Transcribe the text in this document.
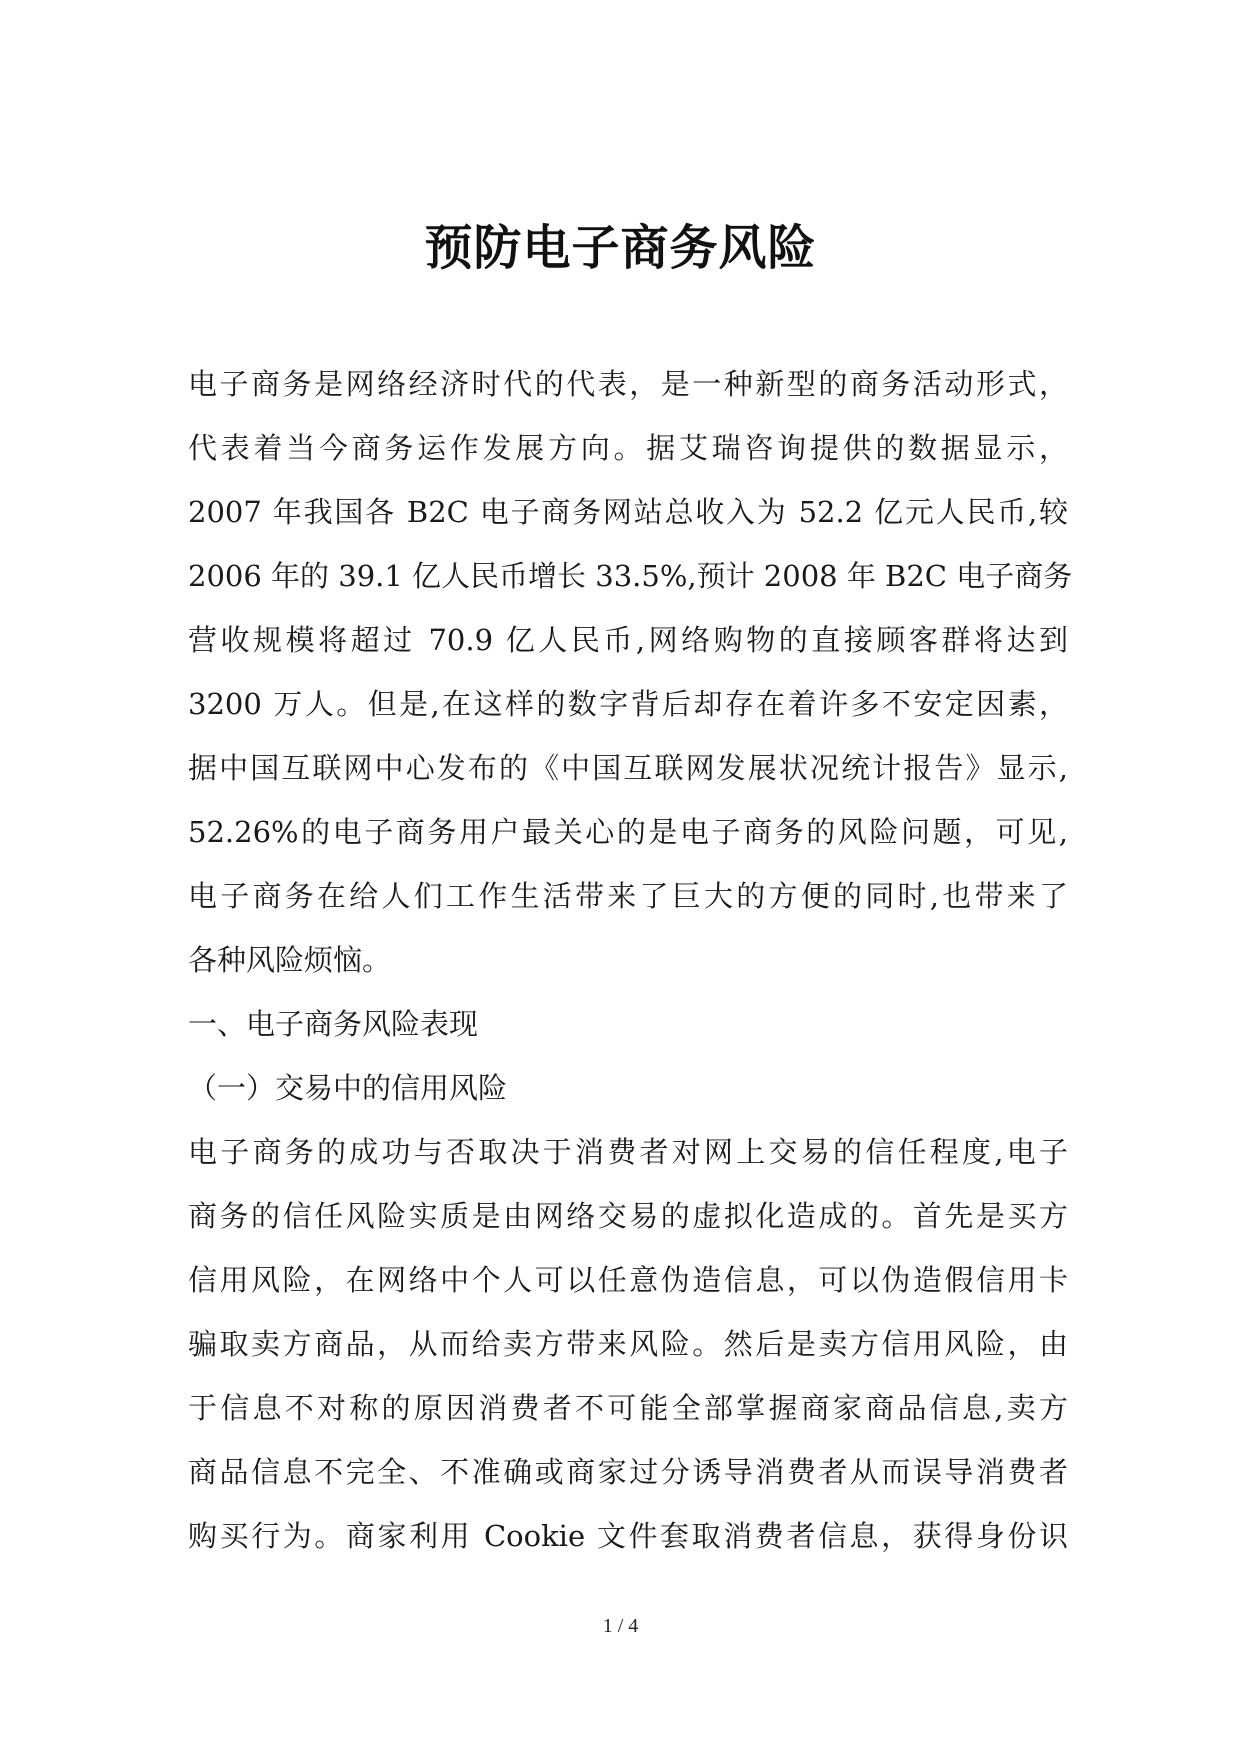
预防电子商务风险
电子商务是网络经济时代的代表，是一种新型的商务活动形式，
代表着当今商务运作发展方向。据艾瑞咨询提供的数据显示，
2007 年我国各 B2C 电子商务网站总收入为 52.2 亿元人民币,较
2006 年的 39.1 亿人民币增长 33.5%,预计 2008 年 B2C 电子商务
营收规模将超过 70.9 亿人民币,网络购物的直接顾客群将达到
3200 万人。但是,在这样的数字背后却存在着许多不安定因素，
据中国互联网中心发布的《中国互联网发展状况统计报告》显示,
52.26%的电子商务用户最关心的是电子商务的风险问题，可见,
电子商务在给人们工作生活带来了巨大的方便的同时,也带来了
各种风险烦恼。
一、电子商务风险表现
（一）交易中的信用风险
电子商务的成功与否取决于消费者对网上交易的信任程度,电子
商务的信任风险实质是由网络交易的虚拟化造成的。首先是买方
信用风险，在网络中个人可以任意伪造信息，可以伪造假信用卡
骗取卖方商品，从而给卖方带来风险。然后是卖方信用风险，由
于信息不对称的原因消费者不可能全部掌握商家商品信息,卖方
商品信息不完全、不准确或商家过分诱导消费者从而误导消费者
购买行为。商家利用 Cookie 文件套取消费者信息，获得身份识
1 / 4
